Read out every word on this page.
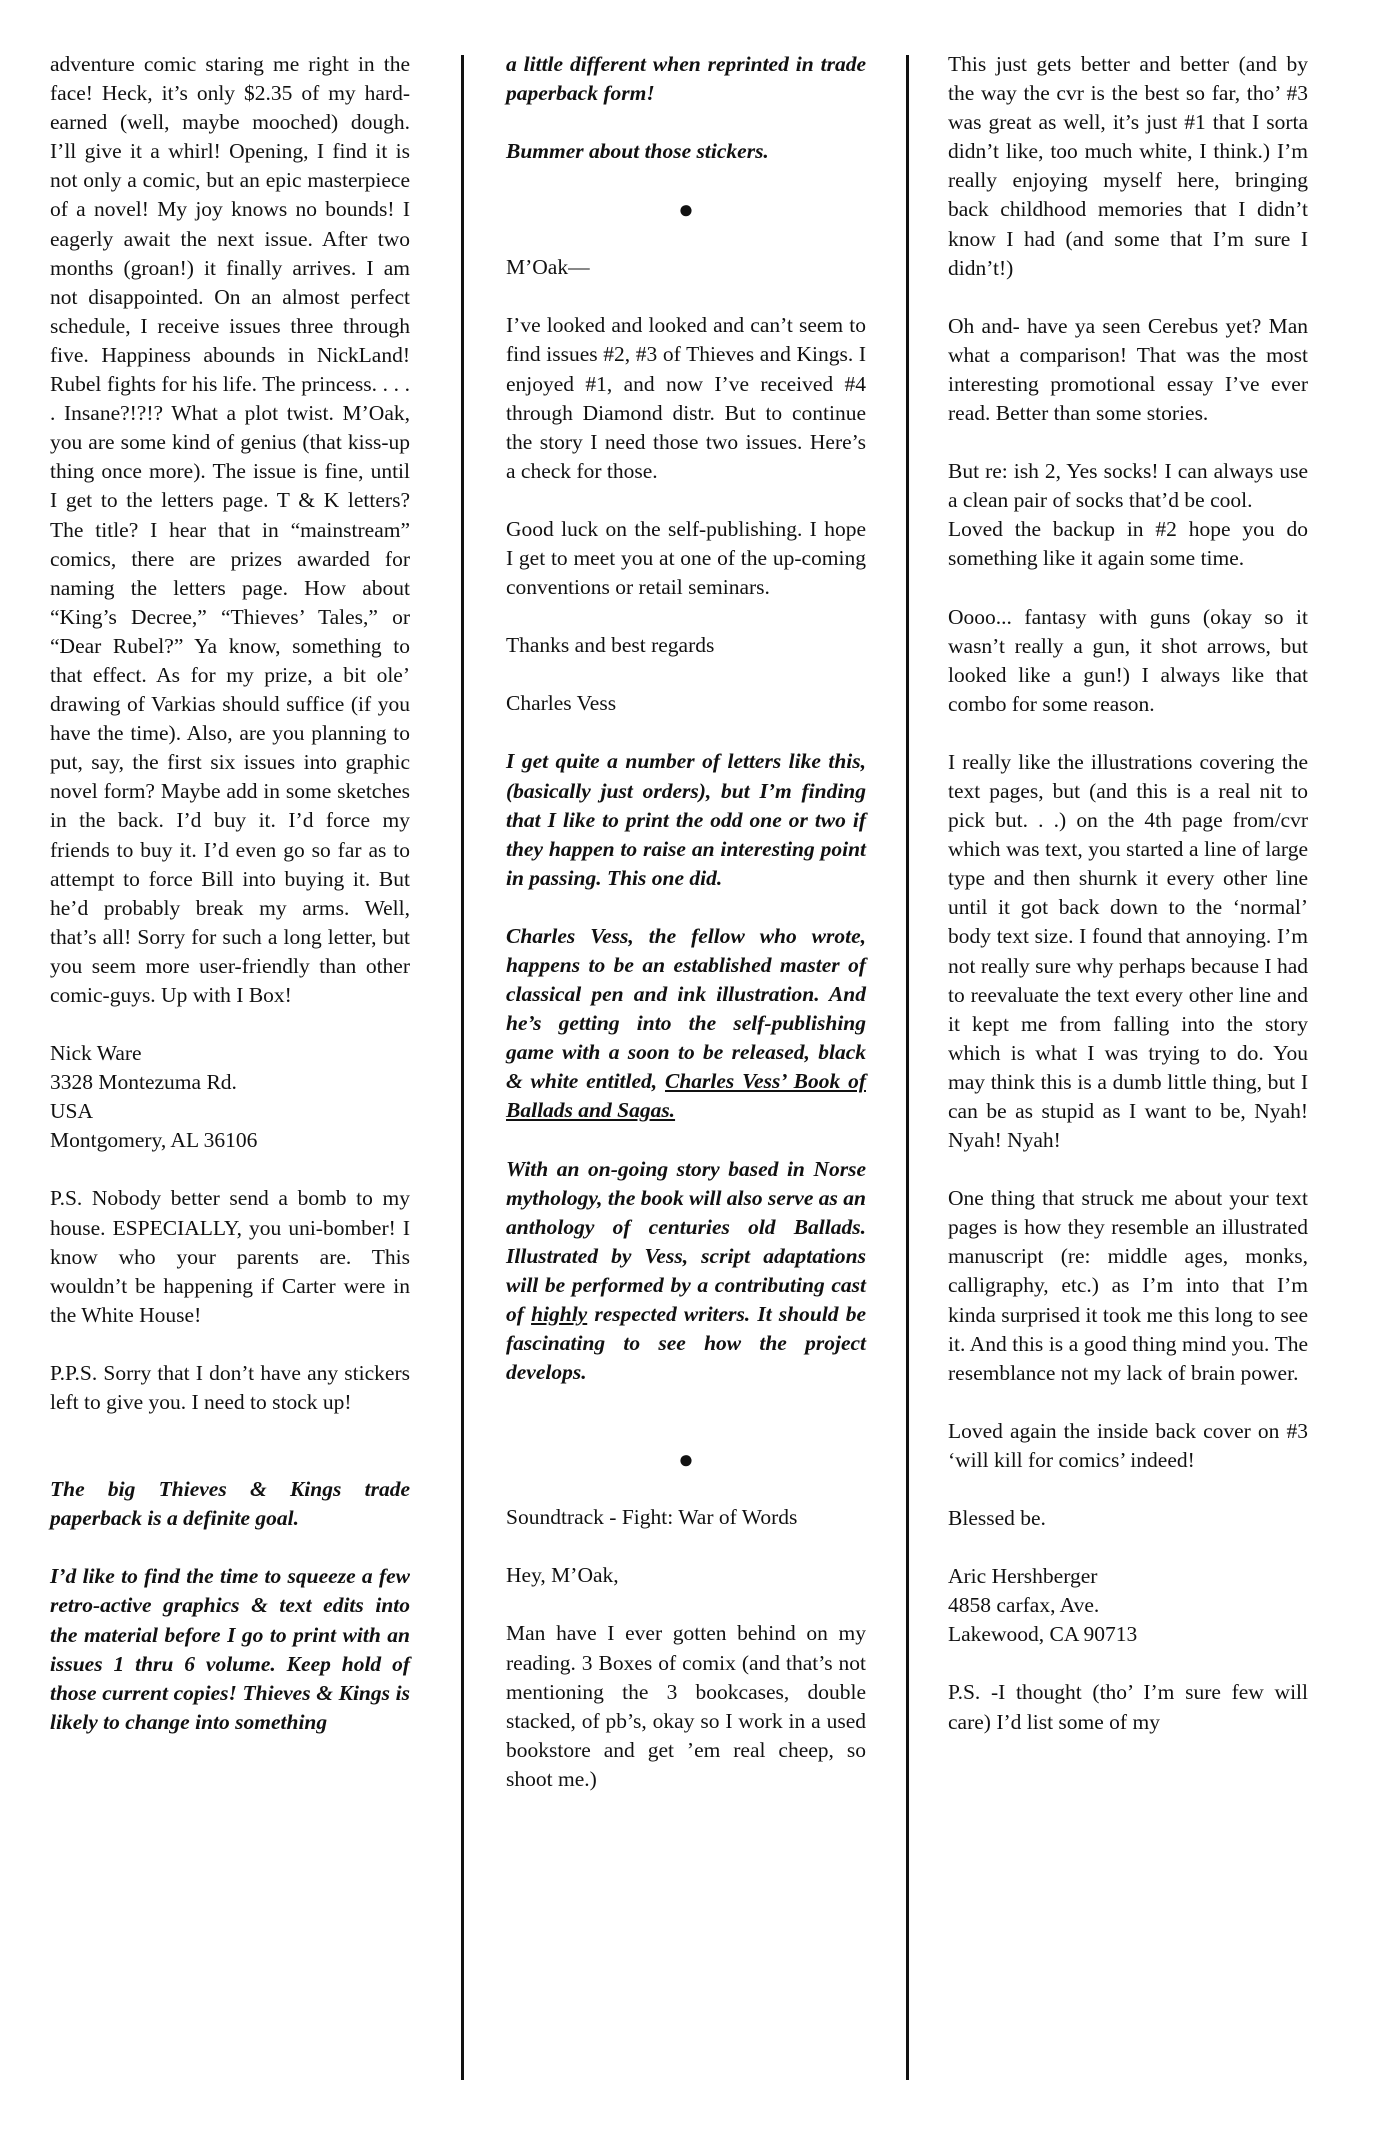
adventure comic staring me right in the face! Heck, it’s only $2.35 of my hard-earned (well, maybe mooched) dough. I’ll give it a whirl! Opening, I find it is not only a comic, but an epic masterpiece of a novel! My joy knows no bounds! I eagerly await the next issue. After two months (groan!) it finally arrives. I am not disappointed. On an almost perfect schedule, I receive issues three through five. Happiness abounds in NickLand! Rubel fights for his life. The princess. . . . . Insane?!?!? What a plot twist. M’Oak, you are some kind of genius (that kiss-up thing once more). The issue is fine, until I get to the letters page. T & K letters? The title? I hear that in “mainstream” comics, there are prizes awarded for naming the letters page. How about “King’s Decree,” “Thieves’ Tales,” or “Dear Rubel?” Ya know, something to that effect. As for my prize, a bit ole’ drawing of Varkias should suffice (if you have the time). Also, are you planning to put, say, the first six issues into graphic novel form? Maybe add in some sketches in the back. I’d buy it. I’d force my friends to buy it. I’d even go so far as to attempt to force Bill into buying it. But he’d probably break my arms. Well, that’s all! Sorry for such a long letter, but you seem more user-friendly than other comic-guys. Up with I Box!

Nick Ware
3328 Montezuma Rd.
USA
Montgomery, AL 36106

P.S. Nobody better send a bomb to my house. ESPECIALLY, you uni-bomber! I know who your parents are. This wouldn’t be happening if Carter were in the White House!

P.P.S. Sorry that I don’t have any stickers left to give you. I need to stock up!

The big Thieves & Kings trade paperback is a definite goal.

I’d like to find the time to squeeze a few retro-active graphics & text edits into the material before I go to print with an issues 1 thru 6 volume. Keep hold of those current copies! Thieves & Kings is likely to change into something

a little different when reprinted in trade paperback form!

Bummer about those stickers.

●

M’Oak—

I’ve looked and looked and can’t seem to find issues #2, #3 of Thieves and Kings. I enjoyed #1, and now I’ve received #4 through Diamond distr. But to continue the story I need those two issues. Here’s a check for those.

Good luck on the self-publishing. I hope I get to meet you at one of the up-coming conventions or retail seminars.

Thanks and best regards

Charles Vess

I get quite a number of letters like this, (basically just orders), but I’m finding that I like to print the odd one or two if they happen to raise an interesting point in passing. This one did.

Charles Vess, the fellow who wrote, happens to be an established master of classical pen and ink illustration. And he’s getting into the self-publishing game with a soon to be released, black & white entitled, Charles Vess’ Book of Ballads and Sagas.

With an on-going story based in Norse mythology, the book will also serve as an anthology of centuries old Ballads. Illustrated by Vess, script adaptations will be performed by a contributing cast of highly respected writers. It should be fascinating to see how the project develops.

●

Soundtrack - Fight: War of Words

Hey, M’Oak,

Man have I ever gotten behind on my reading. 3 Boxes of comix (and that’s not mentioning the 3 bookcases, double stacked, of pb’s, okay so I work in a used bookstore and get ’em real cheep, so shoot me.)

This just gets better and better (and by the way the cvr is the best so far, tho’ #3 was great as well, it’s just #1 that I sorta didn’t like, too much white, I think.) I’m really enjoying myself here, bringing back childhood memories that I didn’t know I had (and some that I’m sure I didn’t!)

Oh and- have ya seen Cerebus yet? Man what a comparison! That was the most interesting promotional essay I’ve ever read. Better than some stories.

But re: ish 2, Yes socks! I can always use a clean pair of socks that’d be cool.

Loved the backup in #2 hope you do something like it again some time.

Oooo... fantasy with guns (okay so it wasn’t really a gun, it shot arrows, but looked like a gun!) I always like that combo for some reason.

I really like the illustrations covering the text pages, but (and this is a real nit to pick but. . .) on the 4th page from/cvr which was text, you started a line of large type and then shurnk it every other line until it got back down to the ‘normal’ body text size. I found that annoying. I’m not really sure why perhaps because I had to reevaluate the text every other line and it kept me from falling into the story which is what I was trying to do. You may think this is a dumb little thing, but I can be as stupid as I want to be, Nyah! Nyah! Nyah!

One thing that struck me about your text pages is how they resemble an illustrated manuscript (re: middle ages, monks, calligraphy, etc.) as I’m into that I’m kinda surprised it took me this long to see it. And this is a good thing mind you. The resemblance not my lack of brain power.

Loved again the inside back cover on #3 ‘will kill for comics’ indeed!

Blessed be.

Aric Hershberger
4858 carfax, Ave.
Lakewood, CA 90713

P.S. -I thought (tho’ I’m sure few will care) I’d list some of my
